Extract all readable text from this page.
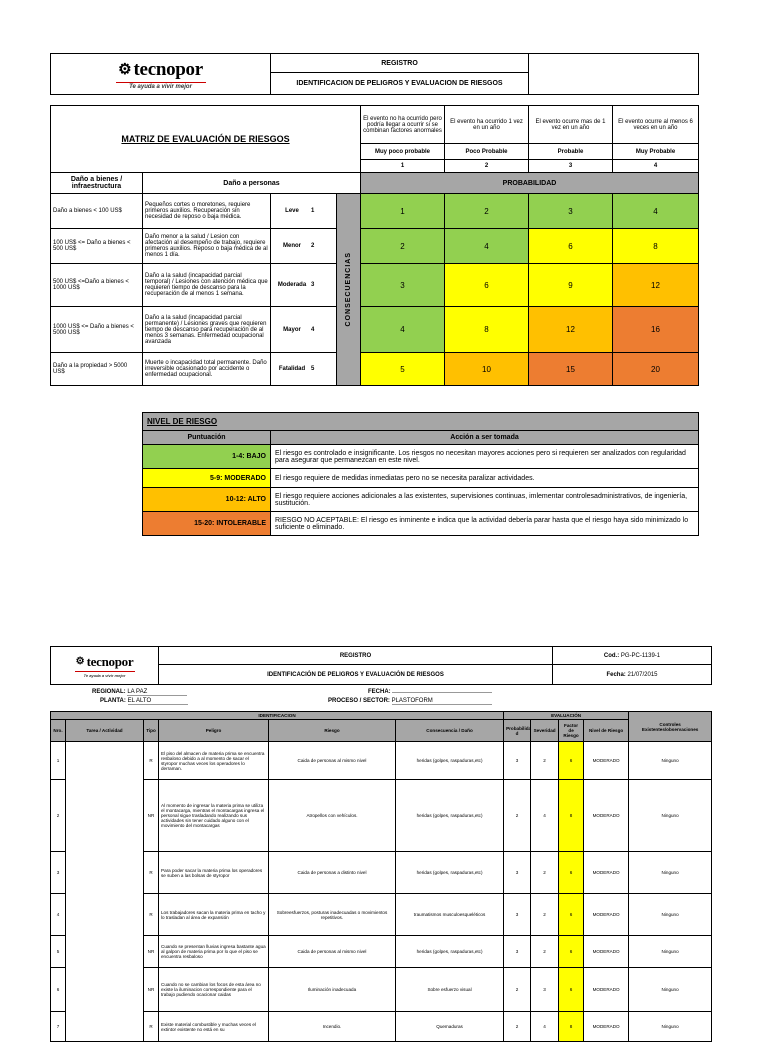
⚙ tecnopor
Te ayuda a vivir mejor
	REGISTRO	
IDENTIFICACION DE PELIGROS Y EVALUACION DE RIESGOS
MATRIZ DE EVALUACIÓN DE RIESGOS				El evento no ha ocurrido pero podría llegar a ocurrir si se combinan factores anormales	El evento ha ocurrido 1 vez en un año	El evento ocurre mas de 1 vez en un año	El evento ocurre al menos 6 veces en un año
				Muy poco probable	Poco Probable	Probable	Muy Probable
				1	2	3	4
Daño a bienes / infraestructura	Daño a personas			PROBABILIDAD			
Daño a bienes < 100 US$	Pequeños cortes o moretones, requiere primeros auxilios. Recuperación sin necesidad de reposo o baja médica.	Leve 1	CONSECUENCIAS	1	2	3	4
100 US$ <= Daño a bienes < 500 US$	Daño menor a la salud / Lesion con afectación al desempeño de trabajo, requiere primeros auxilios. Reposo o baja médica de al menos 1 día.	Menor 2		2	4	6	8
500 US$ <=Daño a bienes < 1000 US$	Daño a la salud (incapacidad parcial temporal) / Lesiones con atención médica que requieren tiempo de descanso para la recuperación de al menos 1 semana.	Moderada 3		3	6	9	12
1000 US$ <= Daño a bienes < 5000 US$	Daño a la salud (incapacidad parcial permanente) / Lesiones graves que requieren tiempo de descanso para recuperación de al menos 3 semanas. Enfermedad ocupacional avanzada	Mayor 4		4	8	12	16
Daño a la propiedad > 5000 US$	Muerte o incapacidad total permanente. Daño irreversible ocasionado por accidente o enfermedad ocupacional.	Fatalidad 5		5	10	15	20
NIVEL DE RIESGO	
Puntuación	Acción a ser tomada
1-4: BAJO	El riesgo es controlado e insignificante. Los riesgos no necesitan mayores acciones pero si requieren ser analizados con regularidad para asegurar que permanezcan en este nivel.
5-9: MODERADO	El riesgo requiere de medidas inmediatas pero no se necesita paralizar actividades.
10-12: ALTO	El riesgo requiere acciones adicionales a las existentes, supervisiones continuas, imlementar controlesadministrativos, de ingeniería, sustitución.
15-20: INTOLERABLE	RIESGO NO ACEPTABLE: El riesgo es inminente e indica que la actividad debería parar hasta que el riesgo haya sido minimizado lo suficiente o eliminado.
⚙ tecnopor
Te ayuda a vivir mejor	REGISTRO	Cod.: PG-PC-1139-1
	IDENTIFICACIÓN DE PELIGROS Y EVALUACIÓN DE RIESGOS	Fecha: 21/07/2015
REGIONAL: LA PAZ
PLANTA: EL ALTO
FECHA:
PROCESO / SECTOR: PLASTOFORM
IDENTIFICACION						EVALUACIÓN				Controles Existentes/observaciones
Nro.	Tarea / Actividad	Tipo	Peligro	Riesgo	Consecuencia / Daño	Probabilida d	Severidad	Factor de Riesgo	Nivel de Riesgo	
1		R	El piso del almacen de materia prima se encuentra resbaloso debido a al momento de sacar el styropor muchas veces los operadores lo derraman.	Caida de personas al mismo nivel	heridas (golpes, raspaduras,etc)	3	2	6	MODERADO	Ninguno
2		NR	Al momento de ingresar la materia prima se utiliza el montacarga, mientras el montacargas ingresa el personal sigue trasladando realizando sus actividades sin tener cuidado alguno con el movimiento del montacargas	Atropellos con vehículos.	heridas (golpes, raspaduras,etc)	2	4	8	MODERADO	Ninguno
3		R	Para poder sacar la materia prima los operadores se suben a las bolsas de styropor	Caida de personas a distinto nivel	heridas (golpes, raspaduras,etc)	3	2	6	MODERADO	Ninguno
4		R	Los trabajadores sacan la materia prima en tacho y lo trasladan al área de expansión	Sobreesfuerzos, posturas inadecuadas o movimientos repetitivos.	traumatismos musculoesqueléticos	3	2	6	MODERADO	Ninguno
5		NR	Cuando se presentan lluvias ingresa bastante agua al galpon de materia prima por lo que el piso se encuentra resbaloso	Caida de personas al mismo nivel	heridas (golpes, raspaduras,etc)	3	2	6	MODERADO	Ninguno
6		NR	Cuando no se cambian los focos de esta área no existe la iluminacion correspondiente para el trabajo pudiendo ocacionar caidas	Iluminación inadecuada	Sobre esfuerzo visual	2	3	6	MODERADO	Ninguno
7		R	Existe material combustible y muchas veces el extintor existente no está en su	Incendio.	Quemaduras	2	4	8	MODERADO	Ninguno
